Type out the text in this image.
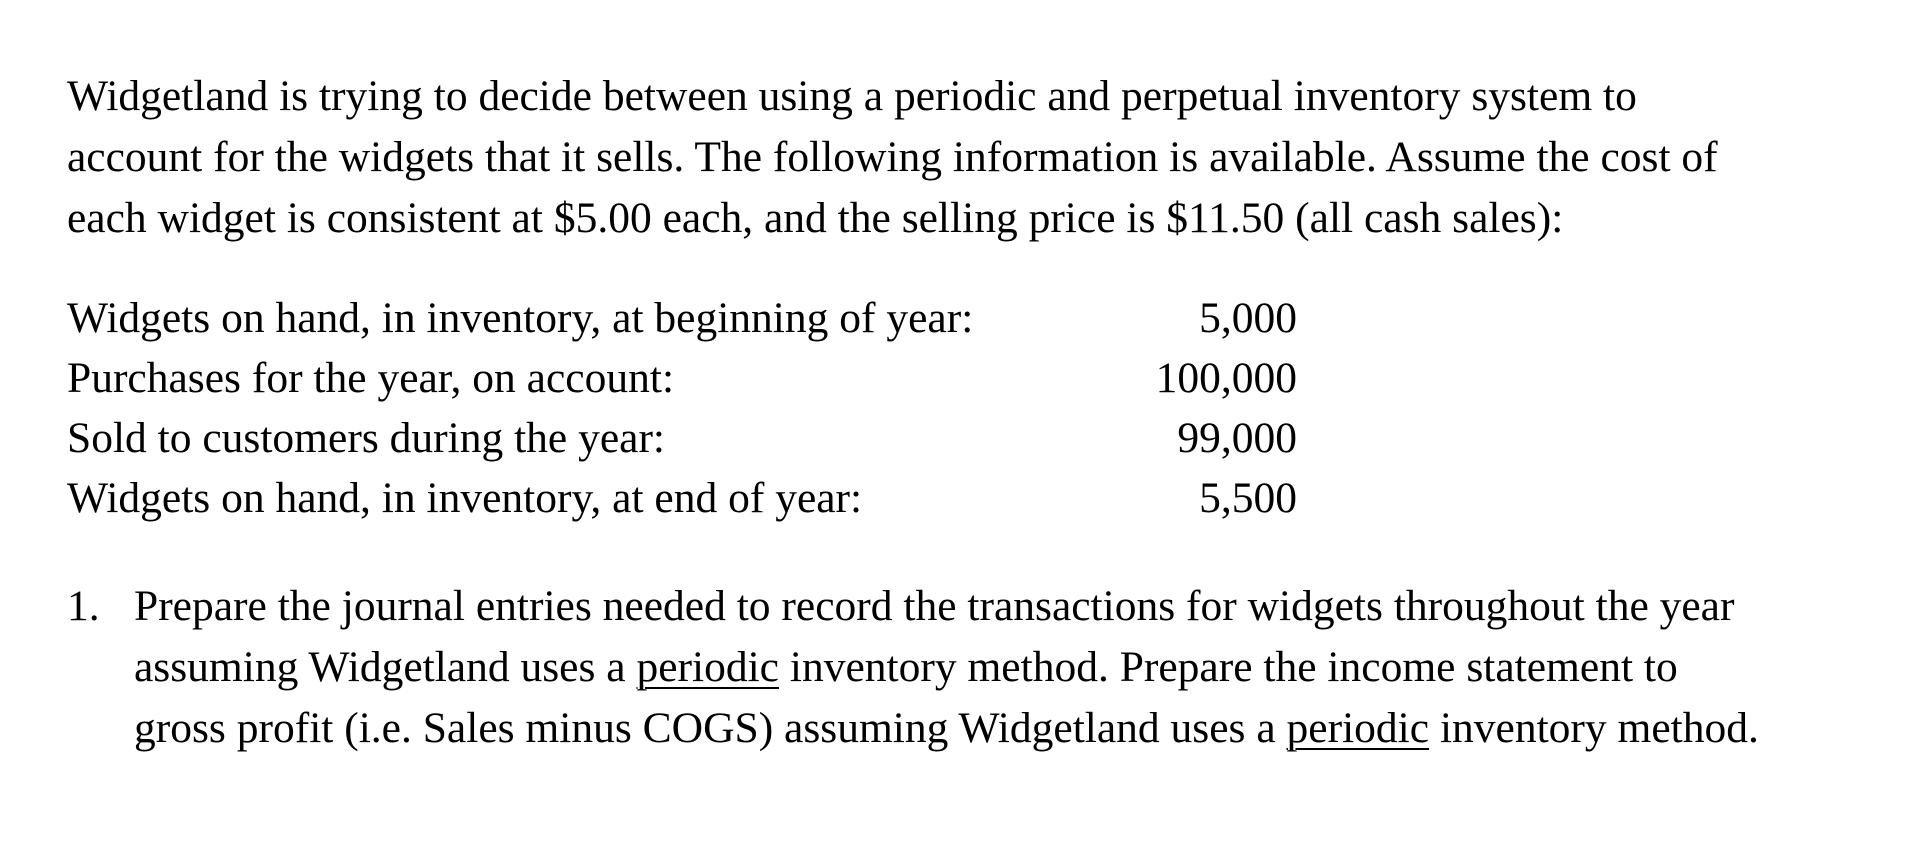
Widgetland is trying to decide between using a periodic and perpetual inventory system to
account for the widgets that it sells. The following information is available. Assume the cost of
each widget is consistent at $5.00 each, and the selling price is $11.50 (all cash sales):

Widgets on hand, in inventory, at beginning of year:	5,000
Purchases for the year, on account:	100,000
Sold to customers during the year:	99,000
Widgets on hand, in inventory, at end of year:	5,500
1. Prepare the journal entries needed to record the transactions for widgets throughout the year
assuming Widgetland uses a periodic inventory method. Prepare the income statement to
gross profit (i.e. Sales minus COGS) assuming Widgetland uses a periodic inventory method.
